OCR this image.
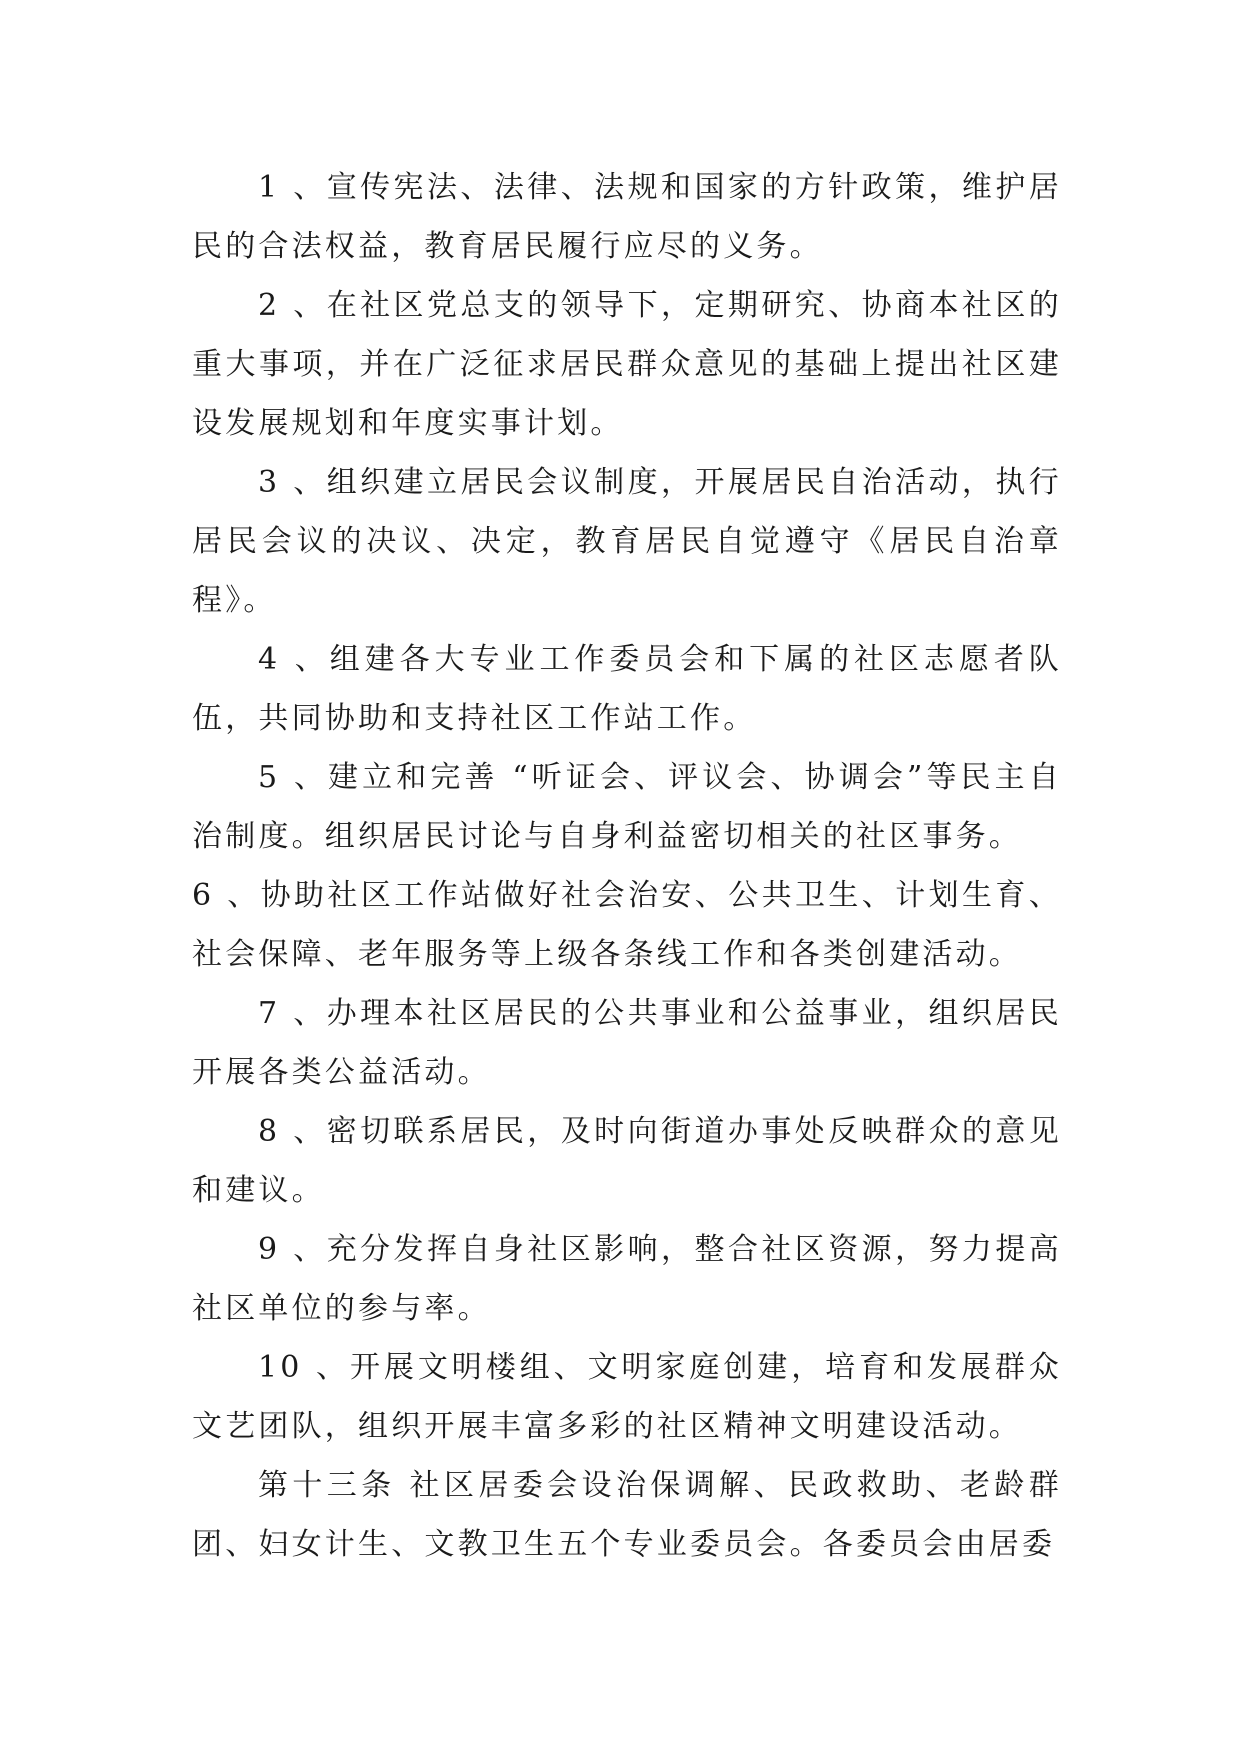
1 、宣传宪法、法律、法规和国家的方针政策，维护居民的合法权益，教育居民履行应尽的义务。

2 、在社区党总支的领导下，定期研究、协商本社区的重大事项，并在广泛征求居民群众意见的基础上提出社区建设发展规划和年度实事计划。

3 、组织建立居民会议制度，开展居民自治活动，执行居民会议的决议、决定，教育居民自觉遵守《居民自治章程》。

4 、组建各大专业工作委员会和下属的社区志愿者队伍，共同协助和支持社区工作站工作。

5 、建立和完善 “听证会、评议会、协调会”等民主自治制度。组织居民讨论与自身利益密切相关的社区事务。

6 、协助社区工作站做好社会治安、公共卫生、计划生育、社会保障、老年服务等上级各条线工作和各类创建活动。

7 、办理本社区居民的公共事业和公益事业，组织居民开展各类公益活动。

8 、密切联系居民，及时向街道办事处反映群众的意见和建议。

9 、充分发挥自身社区影响，整合社区资源，努力提高社区单位的参与率。

10 、开展文明楼组、文明家庭创建，培育和发展群众文艺团队，组织开展丰富多彩的社区精神文明建设活动。

第十三条 社区居委会设治保调解、民政救助、老龄群团、妇女计生、文教卫生五个专业委员会。各委员会由居委
